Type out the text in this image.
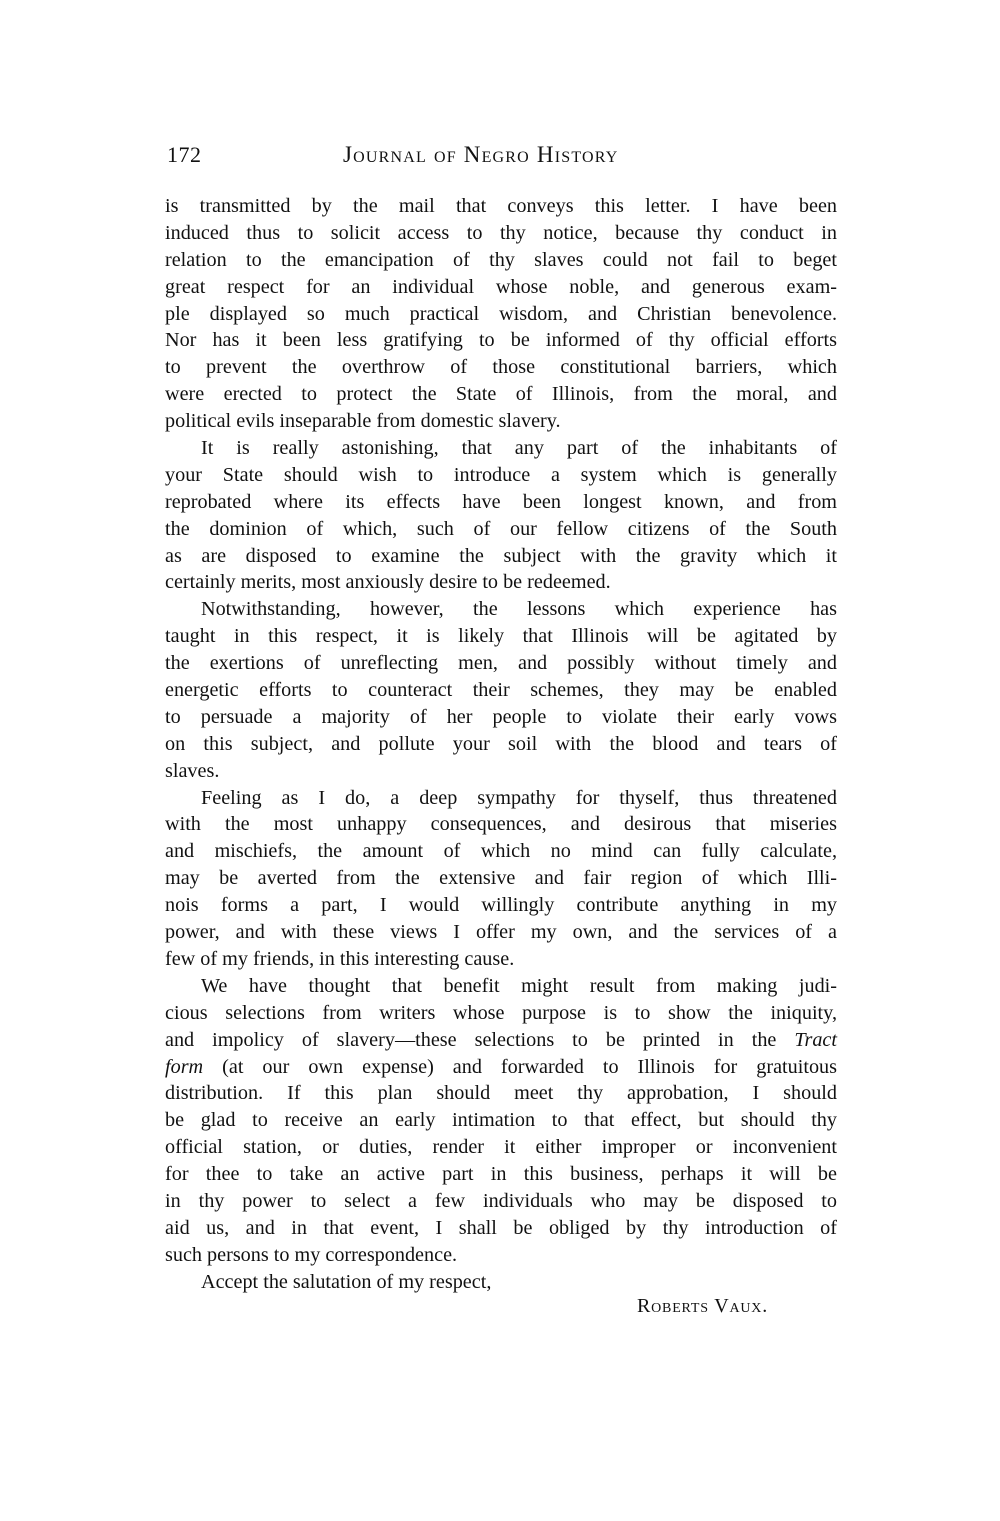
172	Journal of Negro History
is transmitted by the mail that conveys this letter. I have been
induced thus to solicit access to thy notice, because thy conduct in
relation to the emancipation of thy slaves could not fail to beget
great respect for an individual whose noble, and generous exam-
ple displayed so much practical wisdom, and Christian benevolence.
Nor has it been less gratifying to be informed of thy official efforts
to prevent the overthrow of those constitutional barriers, which
were erected to protect the State of Illinois, from the moral, and
political evils inseparable from domestic slavery.
It is really astonishing, that any part of the inhabitants of
your State should wish to introduce a system which is generally
reprobated where its effects have been longest known, and from
the dominion of which, such of our fellow citizens of the South
as are disposed to examine the subject with the gravity which it
certainly merits, most anxiously desire to be redeemed.
Notwithstanding, however, the lessons which experience has
taught in this respect, it is likely that Illinois will be agitated by
the exertions of unreflecting men, and possibly without timely and
energetic efforts to counteract their schemes, they may be enabled
to persuade a majority of her people to violate their early vows
on this subject, and pollute your soil with the blood and tears of
slaves.
Feeling as I do, a deep sympathy for thyself, thus threatened
with the most unhappy consequences, and desirous that miseries
and mischiefs, the amount of which no mind can fully calculate,
may be averted from the extensive and fair region of which Illi-
nois forms a part, I would willingly contribute anything in my
power, and with these views I offer my own, and the services of a
few of my friends, in this interesting cause.
We have thought that benefit might result from making judi-
cious selections from writers whose purpose is to show the iniquity,
and impolicy of slavery—these selections to be printed in the Tract
form (at our own expense) and forwarded to Illinois for gratuitous
distribution. If this plan should meet thy approbation, I should
be glad to receive an early intimation to that effect, but should thy
official station, or duties, render it either improper or inconvenient
for thee to take an active part in this business, perhaps it will be
in thy power to select a few individuals who may be disposed to
aid us, and in that event, I shall be obliged by thy introduction of
such persons to my correspondence.
Accept the salutation of my respect,
Roberts Vaux.
